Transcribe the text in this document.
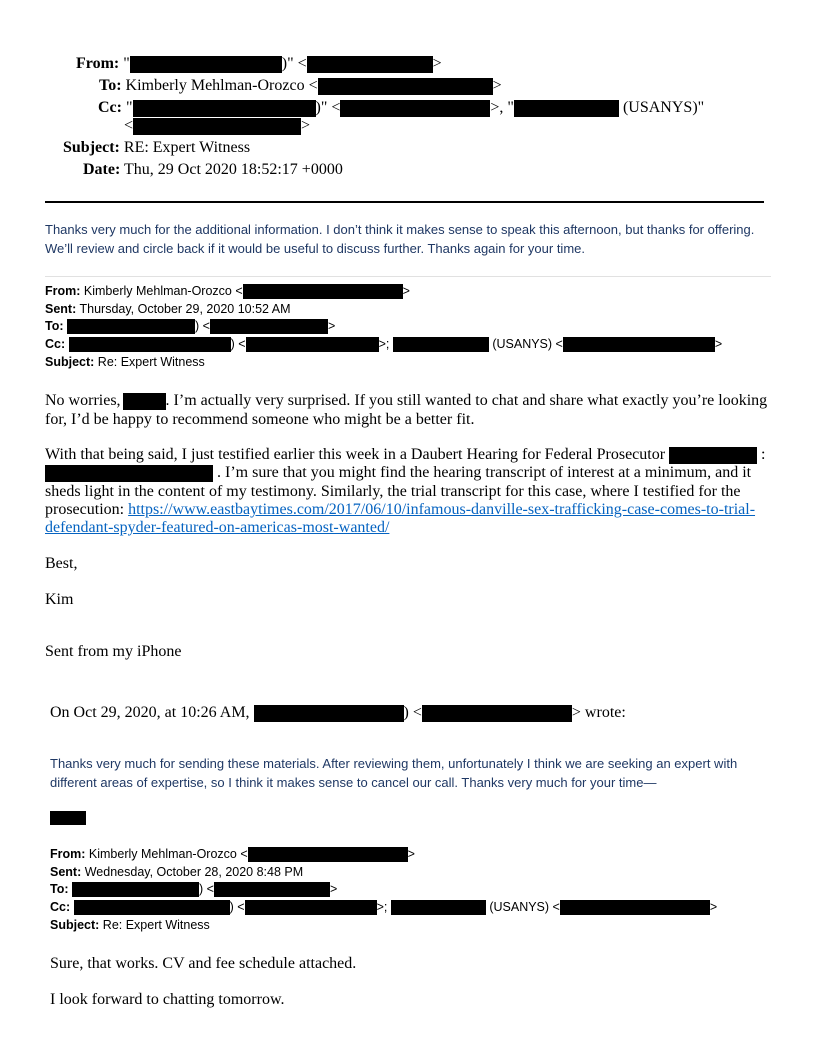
From: "	)" <	>
To: Kimberly Mehlman-Orozco <	>
Cc: "	)" <	>, "	(USANYS)"
<	>
Subject: RE: Expert Witness
Date: Thu, 29 Oct 2020 18:52:17 +0000
Thanks very much for the additional information. I don’t think it makes sense to speak this afternoon, but thanks for offering. We’ll review and circle back if it would be useful to discuss further. Thanks again for your time.
From: Kimberly Mehlman-Orozco <	>
Sent: Thursday, October 29, 2020 10:52 AM
To:	) <	>
Cc:	) <	>;	(USANYS) <	>
Subject: Re: Expert Witness
No worries,	. I’m actually very surprised. If you still wanted to chat and share what exactly you’re looking
for, I’d be happy to recommend someone who might be a better fit.
With that being said, I just testified earlier this week in a Daubert Hearing for Federal Prosecutor	:
. I’m sure that you might find the hearing transcript of interest at a minimum, and it
sheds light in the content of my testimony. Similarly, the trial transcript for this case, where I testified for the
prosecution: https://www.eastbaytimes.com/2017/06/10/infamous-danville-sex-trafficking-case-comes-to-trial-
defendant-spyder-featured-on-americas-most-wanted/
Best,
Kim
Sent from my iPhone
On Oct 29, 2020, at 10:26 AM,	) <	> wrote:
Thanks very much for sending these materials. After reviewing them, unfortunately I think we are seeking an expert with different areas of expertise, so I think it makes sense to cancel our call. Thanks very much for your time—
From: Kimberly Mehlman-Orozco <	>
Sent: Wednesday, October 28, 2020 8:48 PM
To:	) <	>
Cc:	) <	>;	(USANYS) <	>
Subject: Re: Expert Witness
Sure, that works. CV and fee schedule attached.
I look forward to chatting tomorrow.
